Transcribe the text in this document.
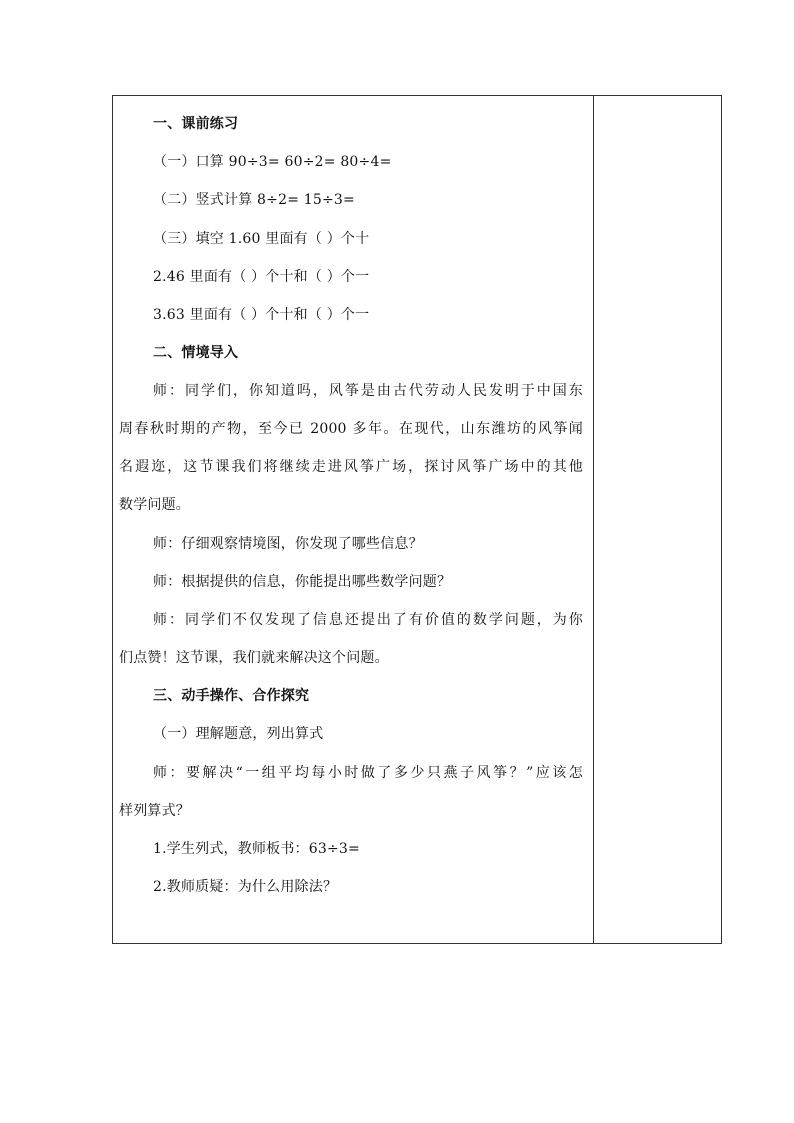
一、课前练习
（一）口算 90÷3= 60÷2= 80÷4=
（二）竖式计算 8÷2= 15÷3=
（三）填空 1.60 里面有（ ）个十
2.46 里面有（ ）个十和（ ）个一
3.63 里面有（ ）个十和（ ）个一
二、情境导入
师：同学们，你知道吗，风筝是由古代劳动人民发明于中国东
周春秋时期的产物，至今已 2000 多年。在现代，山东潍坊的风筝闻
名遐迩，这节课我们将继续走进风筝广场，探讨风筝广场中的其他
数学问题。
师：仔细观察情境图，你发现了哪些信息？
师：根据提供的信息，你能提出哪些数学问题？
师：同学们不仅发现了信息还提出了有价值的数学问题，为你
们点赞！这节课，我们就来解决这个问题。
三、动手操作、合作探究
（一）理解题意，列出算式
师：要解决“一组平均每小时做了多少只燕子风筝？”应该怎
样列算式？
1.学生列式，教师板书：63÷3=
2.教师质疑：为什么用除法？
